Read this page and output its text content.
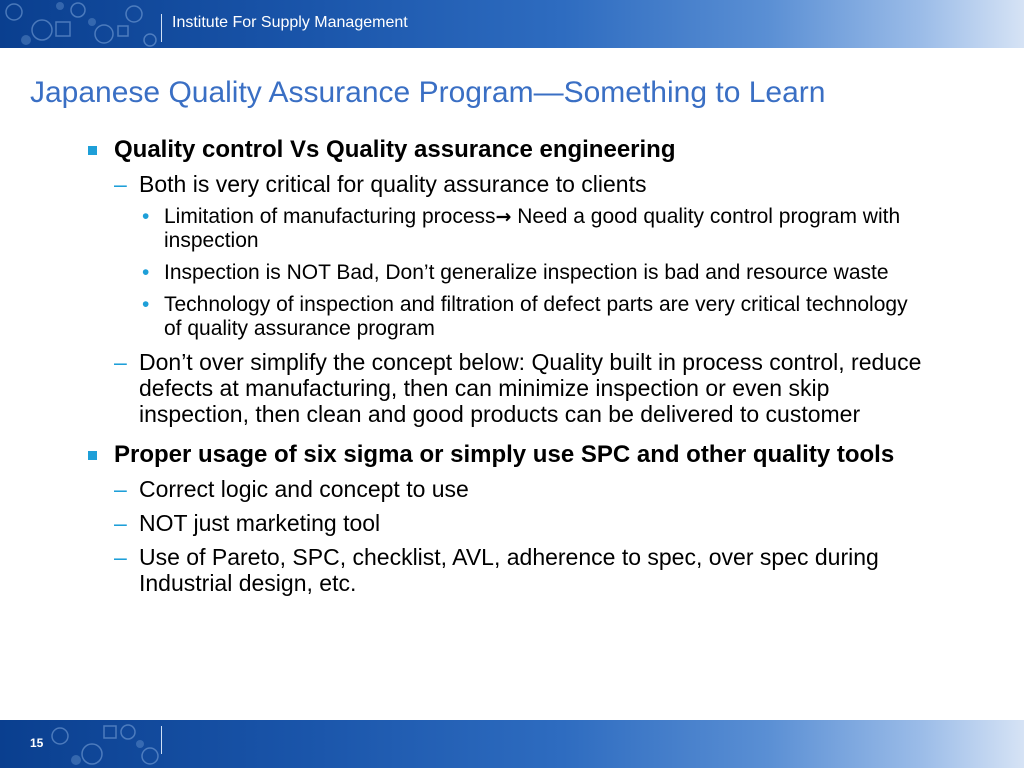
Institute For Supply Management
Japanese Quality Assurance Program—Something to Learn
Quality control Vs Quality assurance engineering
– Both is very critical for quality assurance to clients
• Limitation of manufacturing process→ Need a good quality control program with inspection
• Inspection is NOT Bad, Don’t generalize inspection is bad and resource waste
• Technology of inspection and filtration of defect parts are very critical technology of quality assurance program
– Don’t over simplify the concept below: Quality built in process control, reduce defects at manufacturing, then can minimize inspection or even skip inspection, then clean and good products can be delivered to customer
Proper usage of six sigma or simply use SPC and other quality tools
– Correct logic and concept to use
– NOT just marketing tool
– Use of Pareto, SPC, checklist, AVL, adherence to spec, over spec during Industrial design, etc.
15
